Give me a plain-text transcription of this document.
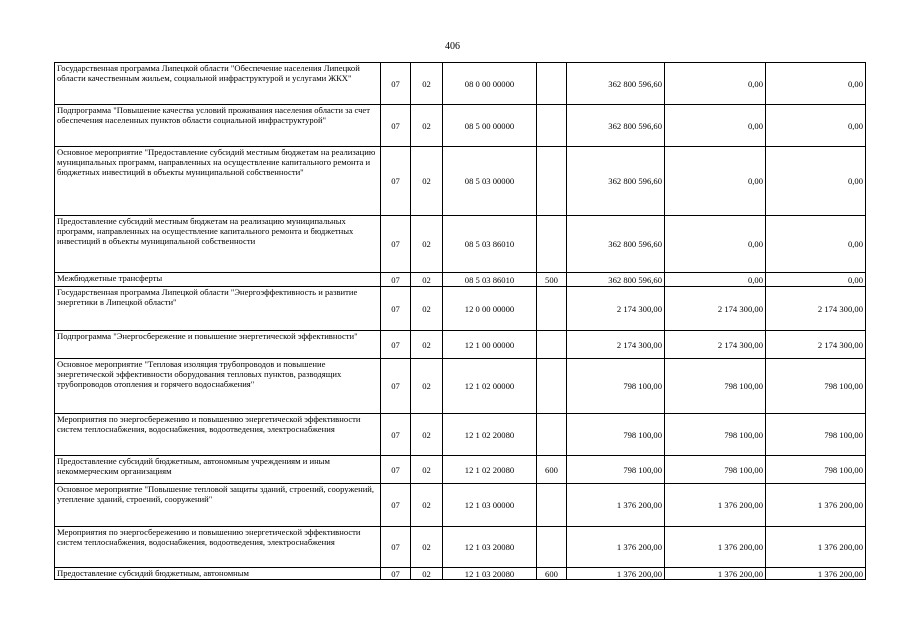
406
Государственная программа Липецкой области "Обеспечение населения Липецкой области качественным жильем, социальной инфраструктурой и услугами ЖКХ"	07	02	08 0 00 00000		362 800 596,60	0,00	0,00
Подпрограмма "Повышение качества условий проживания населения области за счет обеспечения населенных пунктов области социальной инфраструктурой"	07	02	08 5 00 00000		362 800 596,60	0,00	0,00
Основное мероприятие "Предоставление субсидий местным бюджетам на реализацию муниципальных программ, направленных на осуществление капитального ремонта и бюджетных инвестиций в объекты муниципальной собственности"	07	02	08 5 03 00000		362 800 596,60	0,00	0,00
Предоставление субсидий местным бюджетам на реализацию муниципальных программ, направленных на осуществление капитального ремонта и бюджетных инвестиций в объекты муниципальной собственности	07	02	08 5 03 86010		362 800 596,60	0,00	0,00
Межбюджетные трансферты	07	02	08 5 03 86010	500	362 800 596,60	0,00	0,00
Государственная программа Липецкой области "Энергоэффективность и развитие энергетики в Липецкой области"	07	02	12 0 00 00000		2 174 300,00	2 174 300,00	2 174 300,00
Подпрограмма "Энергосбережение и повышение энергетической эффективности"	07	02	12 1 00 00000		2 174 300,00	2 174 300,00	2 174 300,00
Основное мероприятие "Тепловая изоляция трубопроводов и повышение энергетической эффективности оборудования тепловых пунктов, разводящих трубопроводов отопления и горячего водоснабжения"	07	02	12 1 02 00000		798 100,00	798 100,00	798 100,00
Мероприятия по энергосбережению и повышению энергетической эффективности систем теплоснабжения, водоснабжения, водоотведения, электроснабжения	07	02	12 1 02 20080		798 100,00	798 100,00	798 100,00
Предоставление субсидий бюджетным, автономным учреждениям и иным некоммерческим организациям	07	02	12 1 02 20080	600	798 100,00	798 100,00	798 100,00
Основное мероприятие "Повышение тепловой защиты зданий, строений, сооружений, утепление зданий, строений, сооружений"	07	02	12 1 03 00000		1 376 200,00	1 376 200,00	1 376 200,00
Мероприятия по энергосбережению и повышению энергетической эффективности систем теплоснабжения, водоснабжения, водоотведения, электроснабжения	07	02	12 1 03 20080		1 376 200,00	1 376 200,00	1 376 200,00
Предоставление субсидий бюджетным, автономным	07	02	12 1 03 20080	600	1 376 200,00	1 376 200,00	1 376 200,00
